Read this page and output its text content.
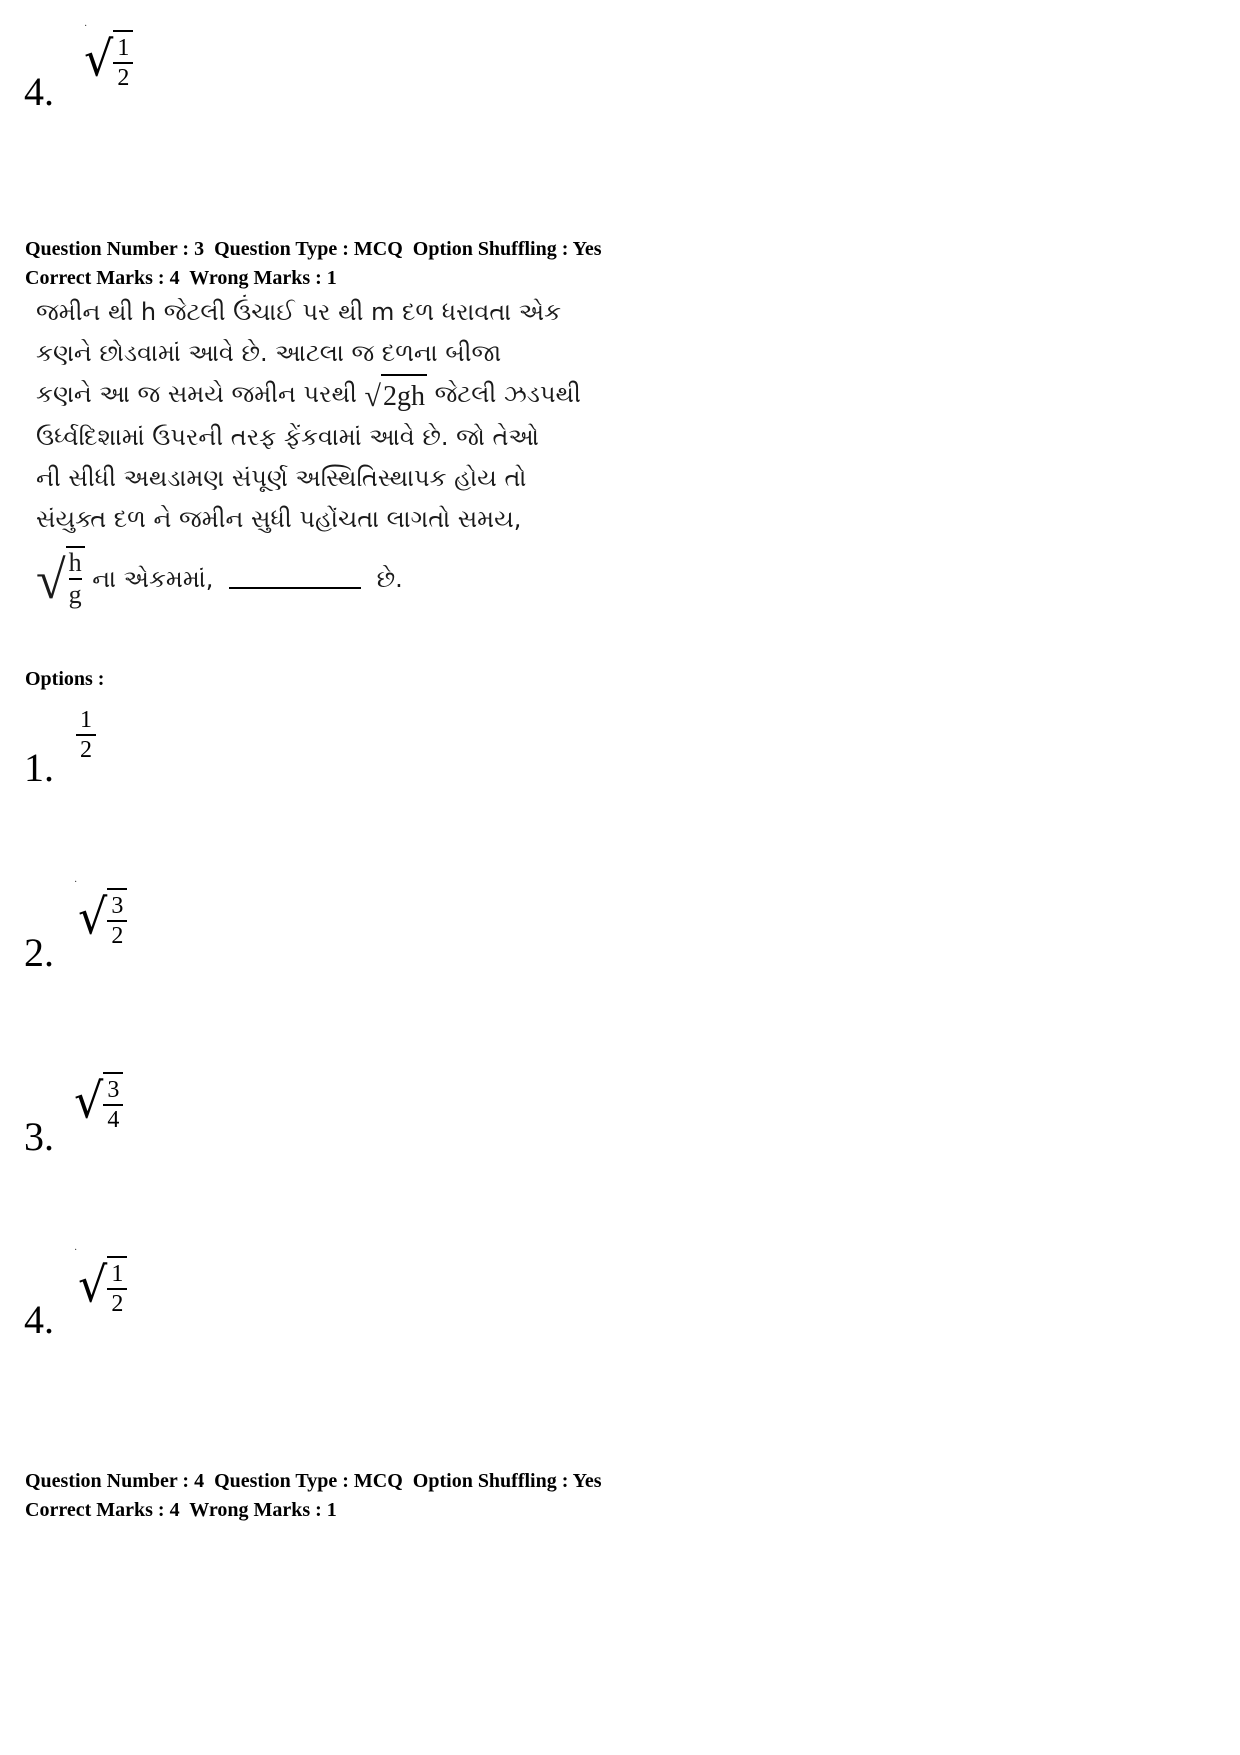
·
4.
√ $\frac{1}{2}$
Question Number : 3  Question Type : MCQ  Option Shuffling : Yes
Correct Marks : 4  Wrong Marks : 1
જમીન થી h જેટલી ઉંચાઈ પર થી m દળ ધરાવતા એક
કણને છોડવામાં આવે છે. આટલા જ દળના બીજા
કણને આ જ સમયે જમીન પરથી √ 2gh જેટલી ઝડપથી
ઉર્ધ્વદિશામાં ઉપરની તરફ ફેંકવામાં આવે છે. જો તેઓ
ની સીધી અથડામણ સંપૂર્ણ અસ્થિતિસ્થાપક હોય તો
સંયુક્ત દળ ને જમીન સુધી પહોંચતા લાગતો સમય,
√ h
g
ના એકમમાં,	છે.
Options :
1.
$\frac{1}{2}$
·
2.
√ $\frac{3}{2}$
3.
√ $\frac{3}{4}$
·
4.
√ $\frac{1}{2}$
Question Number : 4  Question Type : MCQ  Option Shuffling : Yes
Correct Marks : 4  Wrong Marks : 1
